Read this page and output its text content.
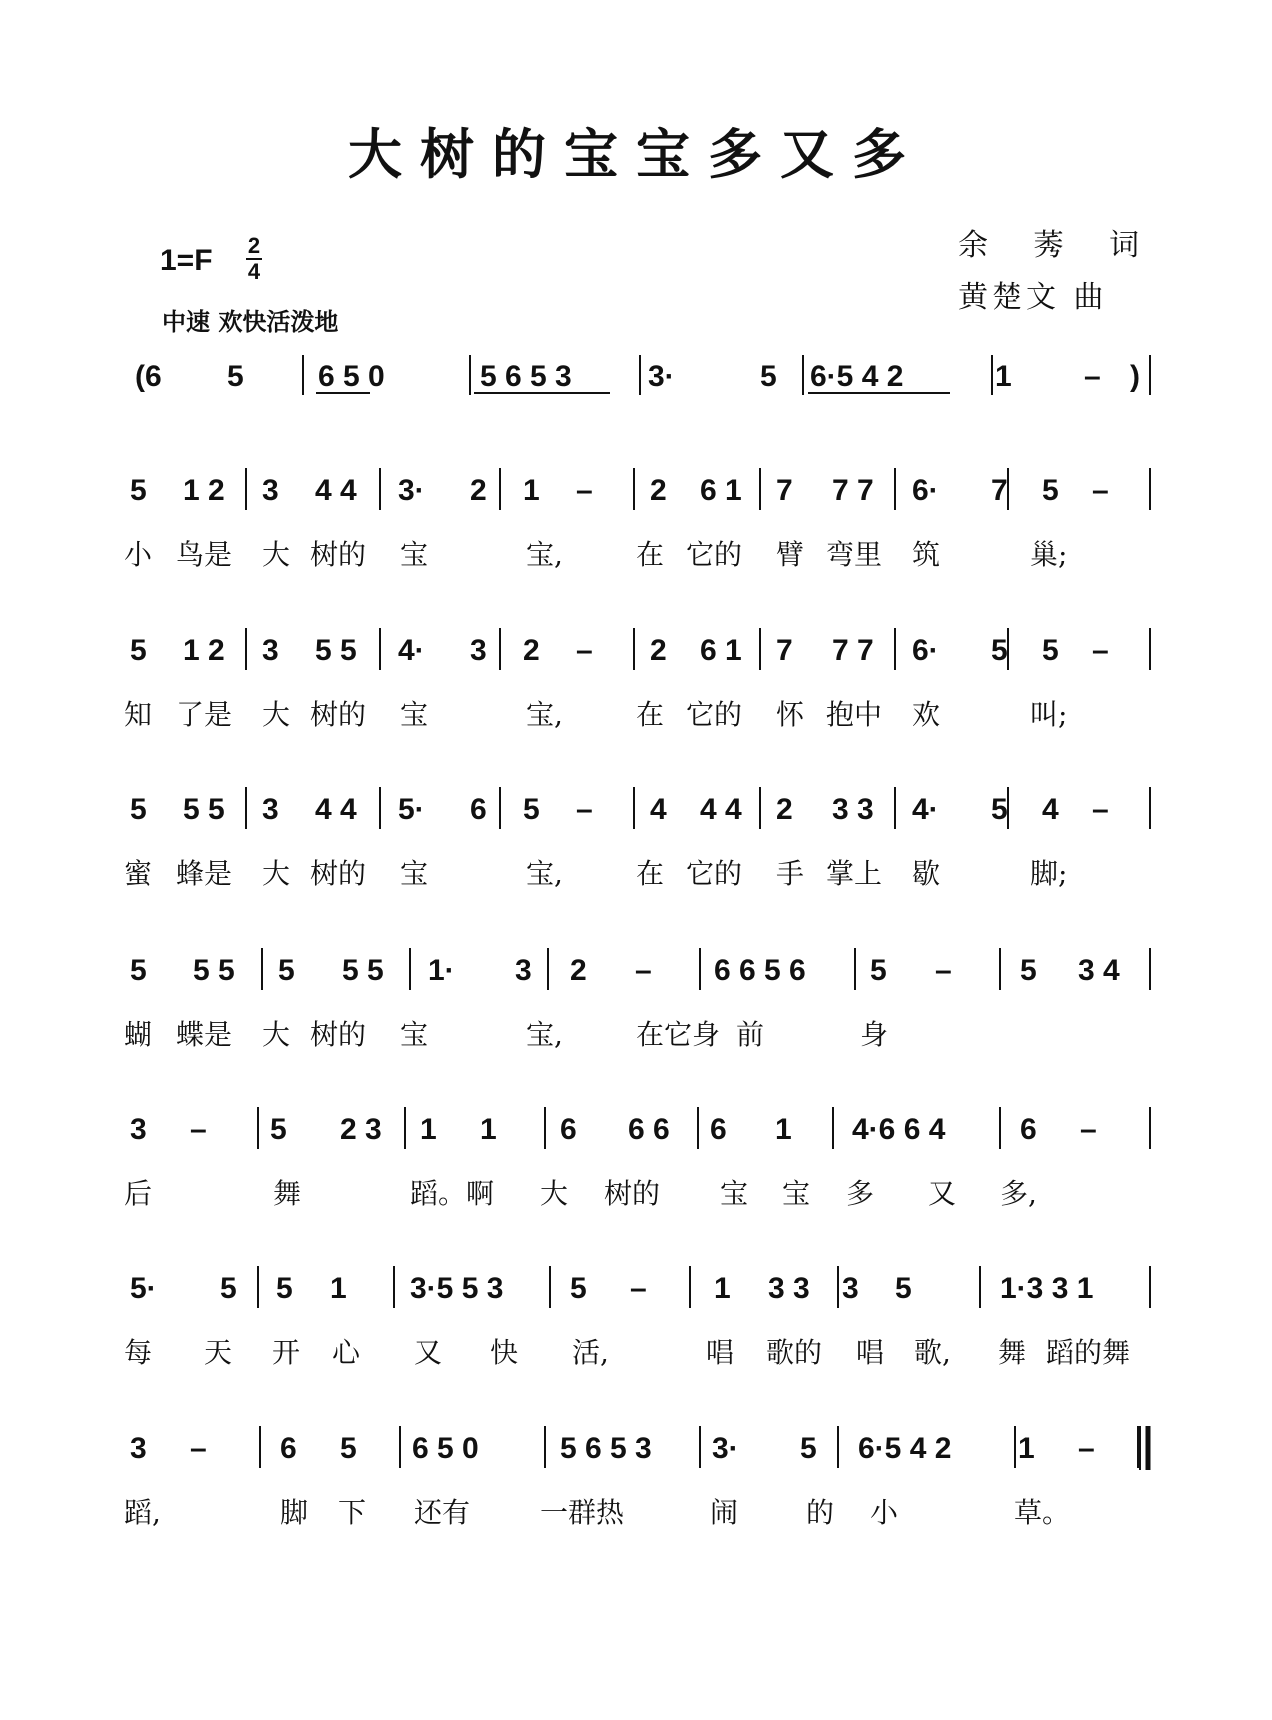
大树的宝宝多又多
1=F 2
4
中速 欢快活泼地
余 莠 词
黄楚文 曲
(6 5 6 5 0	5 6 5 3	3·	5 6·5 4 2	1 – )
5 1 2 3 4 4 3· 2 1 – 2 6 1 7 7 7 6· 7 5 –
小 鸟是 大 树的 宝	宝,	在 它的 臂 弯里 筑	巢;
5 1 2 3 5 5 4· 3 2 – 2 6 1 7 7 7 6· 5 5 –
知 了是 大 树的 宝	宝,	在 它的 怀 抱中 欢	叫;
5 5 5 3 4 4 5· 6 5 – 4 4 4 2 3 3 4· 5 4 –
蜜 蜂是 大 树的 宝	宝,	在 它的 手 掌上 歇	脚;
5 5 5 5 5 5 1· 3 2 – 6 6 5 6 5 – 5 3 4
蝴 蝶是 大 树的 宝	宝,	在它身 前	身
3 – 5 2 3 1 1 6 6 6 6 1 4·6 6 4 6 –
后	舞	蹈。啊 大 树的 宝 宝 多 又 多,
5· 5 5 1 3·5 5 3 5 – 1 3 3 3 5	1·3 3 1
每 天 开 心 又 快 活,	唱 歌的 唱 歌, 舞 蹈的舞
3 – 6 5 6 5 0	5 6 5 3 3· 5 6·5 4 2 1 –
蹈,	脚 下 还有 一群热	闹 的 小	草。
